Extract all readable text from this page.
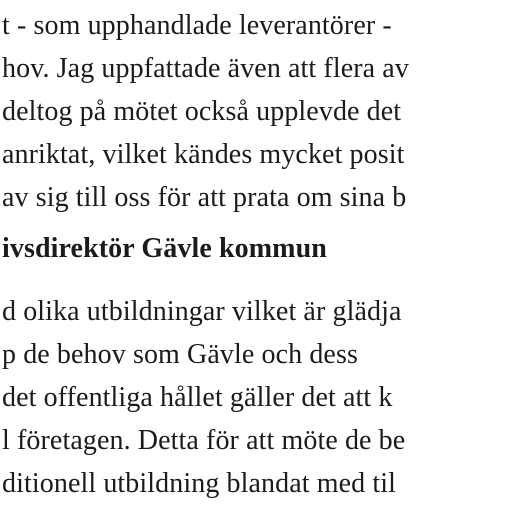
t - som upphandlade leverantörer -
hov. Jag uppfattade även att flera av
deltog på mötet också upplevde det
anriktat, vilket kändes mycket posit
av sig till oss för att prata om sina b
ivsdirektör Gävle kommun
d olika utbildningar vilket är glädja
p de behov som Gävle och dess
det offentliga hållet gäller det att k
l företagen. Detta för att möte de be
ditionell utbildning blandat med til
